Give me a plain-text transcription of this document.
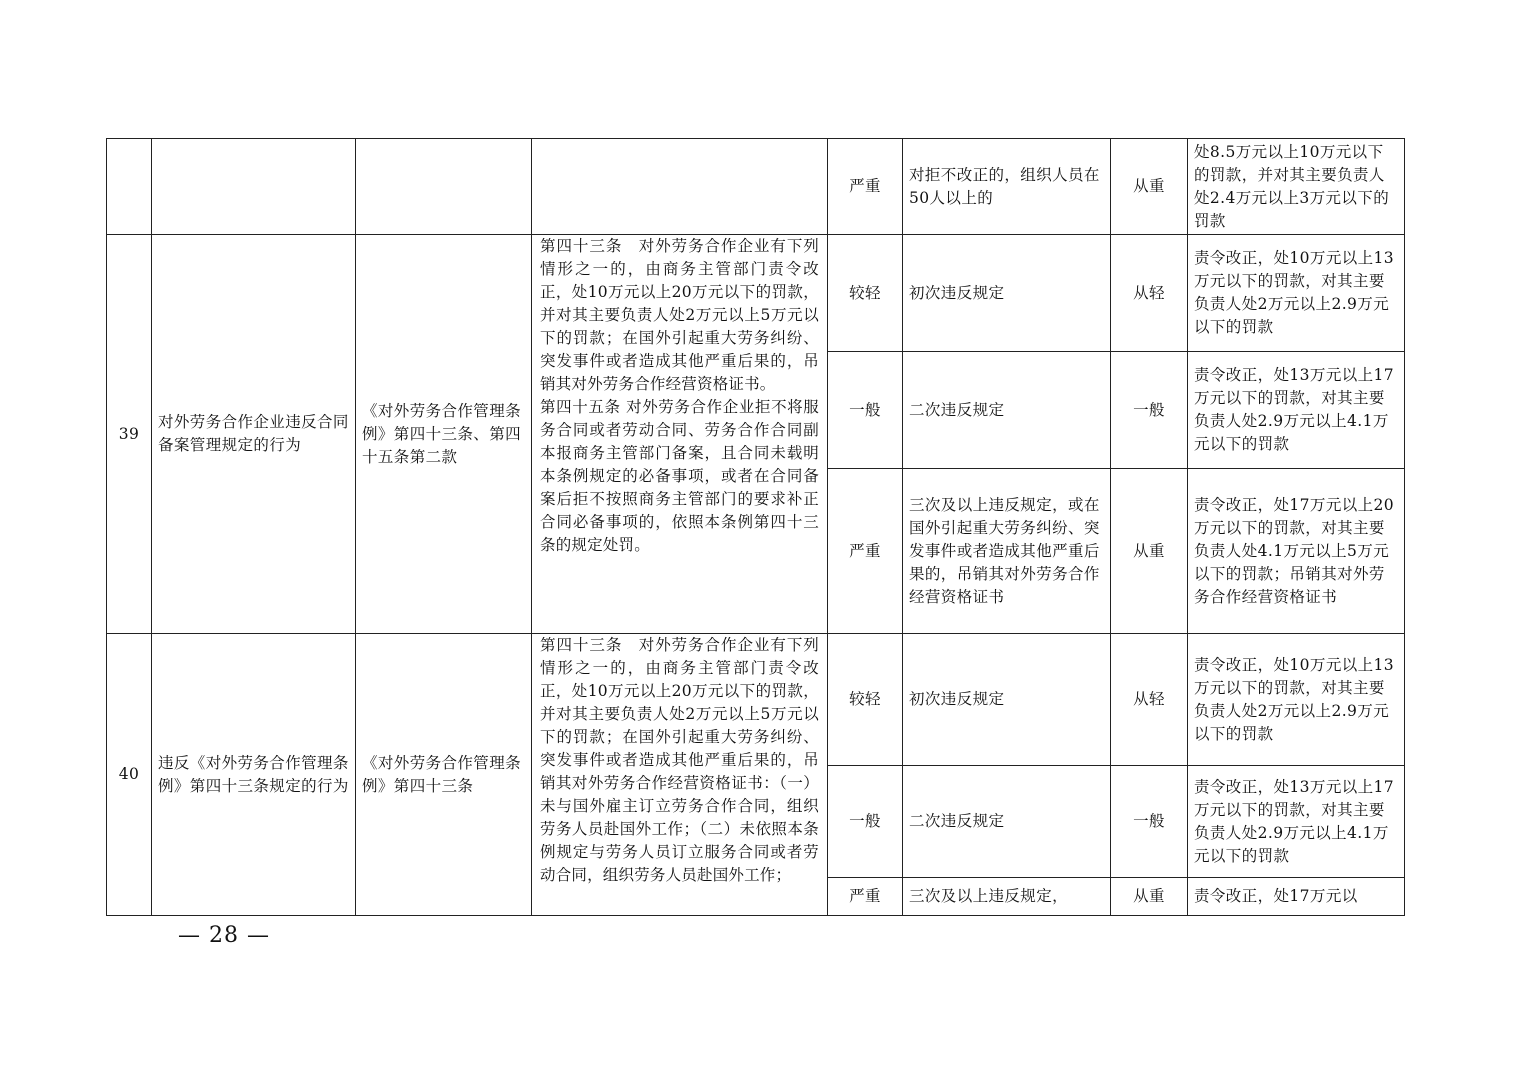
				严重	对拒不改正的，组织人员在50人以上的	从重	处8.5万元以上10万元以下的罚款，并对其主要负责人处2.4万元以上3万元以下的罚款
39	对外劳务合作企业违反合同备案管理规定的行为	《对外劳务合作管理条例》第四十三条、第四十五条第二款	第四十三条　对外劳务合作企业有下列情形之一的，由商务主管部门责令改正，处10万元以上20万元以下的罚款，并对其主要负责人处2万元以上5万元以下的罚款；在国外引起重大劳务纠纷、突发事件或者造成其他严重后果的，吊销其对外劳务合作经营资格证书。
第四十五条 对外劳务合作企业拒不将服务合同或者劳动合同、劳务合作合同副本报商务主管部门备案，且合同未载明本条例规定的必备事项，或者在合同备案后拒不按照商务主管部门的要求补正合同必备事项的，依照本条例第四十三条的规定处罚。	较轻	初次违反规定	从轻	责令改正，处10万元以上13万元以下的罚款，对其主要负责人处2万元以上2.9万元以下的罚款
				一般	二次违反规定	一般	责令改正，处13万元以上17万元以下的罚款，对其主要负责人处2.9万元以上4.1万元以下的罚款
				严重	三次及以上违反规定，或在国外引起重大劳务纠纷、突发事件或者造成其他严重后果的，吊销其对外劳务合作经营资格证书	从重	责令改正，处17万元以上20万元以下的罚款，对其主要负责人处4.1万元以上5万元以下的罚款；吊销其对外劳务合作经营资格证书
40	违反《对外劳务合作管理条例》第四十三条规定的行为	《对外劳务合作管理条例》第四十三条	第四十三条　对外劳务合作企业有下列情形之一的，由商务主管部门责令改正，处10万元以上20万元以下的罚款，并对其主要负责人处2万元以上5万元以下的罚款；在国外引起重大劳务纠纷、突发事件或者造成其他严重后果的，吊销其对外劳务合作经营资格证书：（一）未与国外雇主订立劳务合作合同，组织劳务人员赴国外工作；（二）未依照本条例规定与劳务人员订立服务合同或者劳动合同，组织劳务人员赴国外工作；	较轻	初次违反规定	从轻	责令改正，处10万元以上13万元以下的罚款，对其主要负责人处2万元以上2.9万元以下的罚款
				一般	二次违反规定	一般	责令改正，处13万元以上17万元以下的罚款，对其主要负责人处2.9万元以上4.1万元以下的罚款
				严重	三次及以上违反规定，	从重	责令改正，处17万元以
— 28 —
